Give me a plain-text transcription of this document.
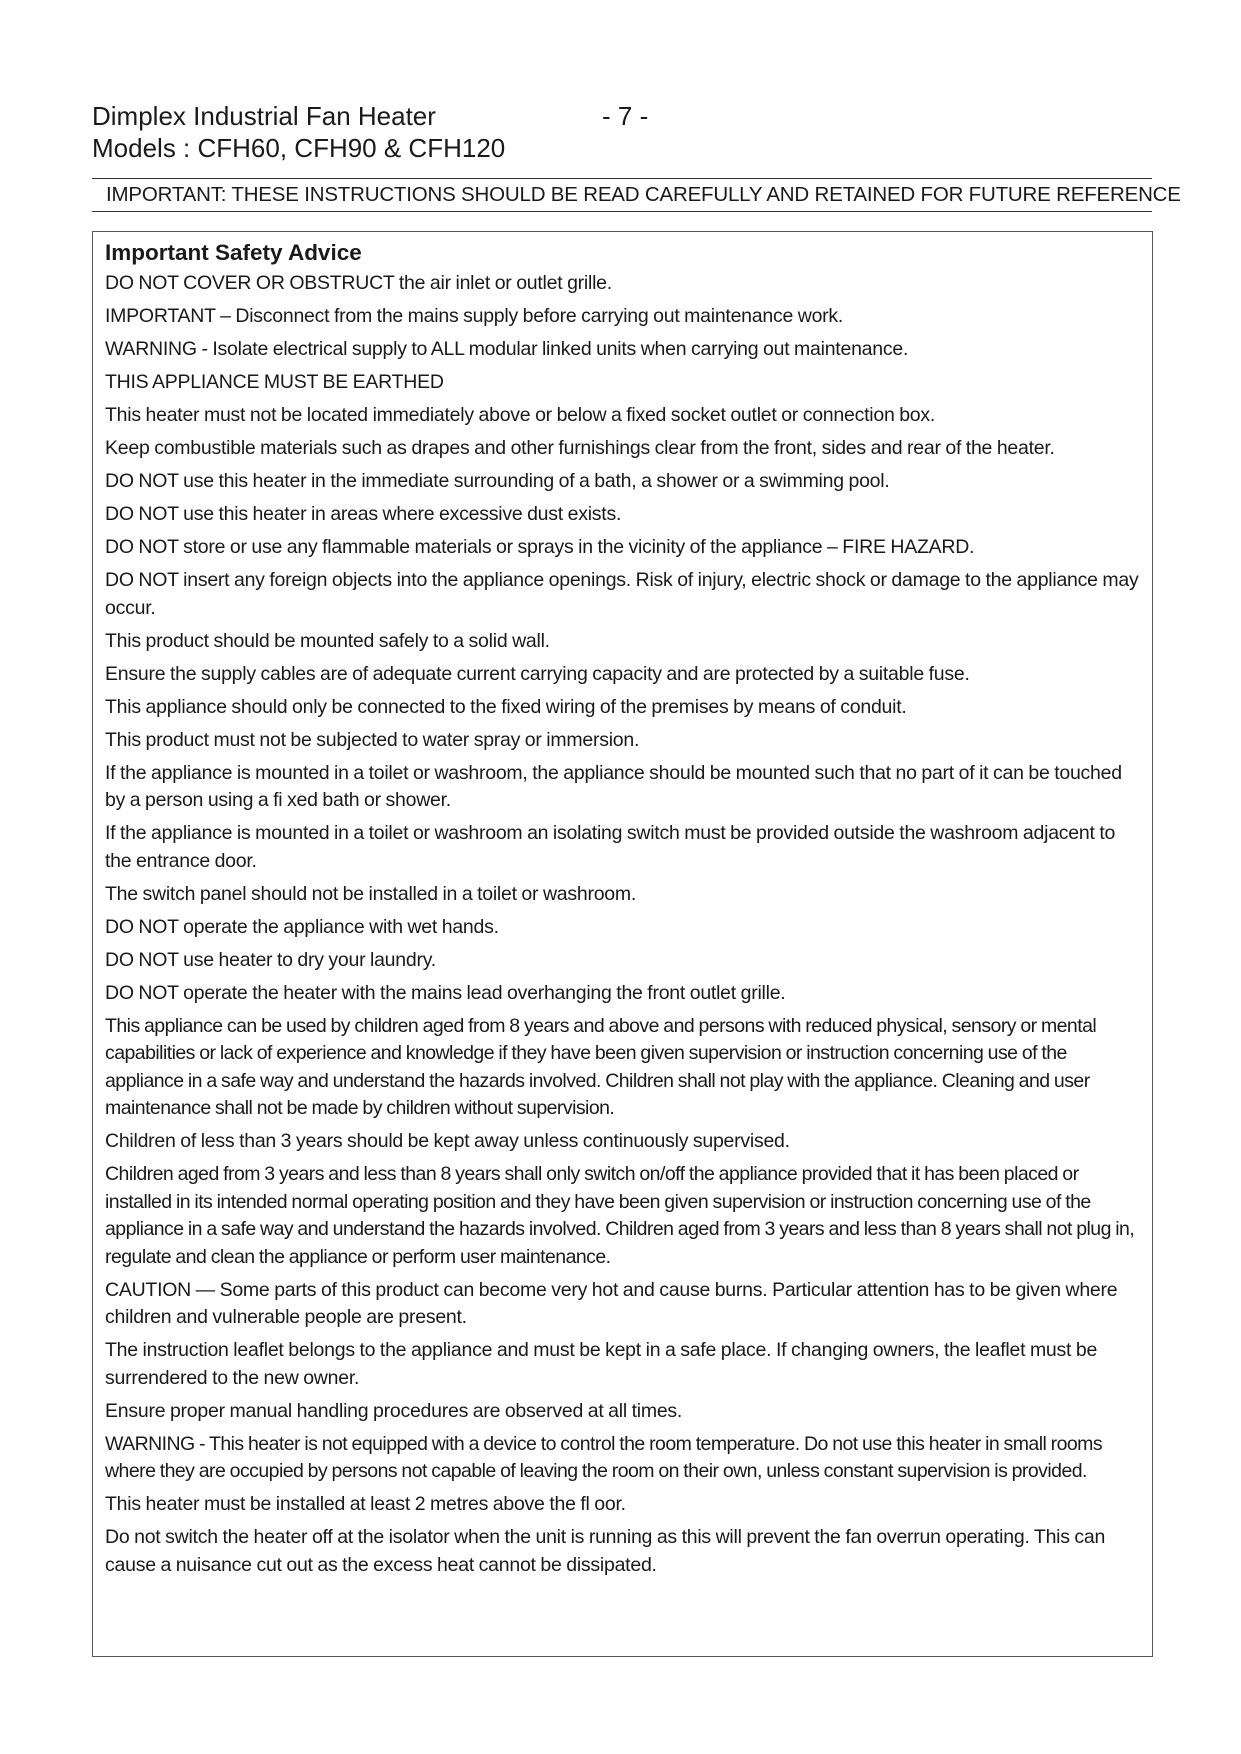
Dimplex Industrial Fan Heater
Models : CFH60, CFH90 & CFH120
- 7 -
IMPORTANT: THESE INSTRUCTIONS SHOULD BE READ CAREFULLY AND RETAINED FOR FUTURE REFERENCE
Important Safety Advice
DO NOT COVER OR OBSTRUCT the air inlet or outlet grille.
IMPORTANT – Disconnect from the mains supply before carrying out maintenance work.
WARNING - Isolate electrical supply to ALL modular linked units when carrying out maintenance.
THIS APPLIANCE MUST BE EARTHED
This heater must not be located immediately above or below a fixed socket outlet or connection box.
Keep combustible materials such as drapes and other furnishings clear from the front, sides and rear of the heater.
DO NOT use this heater in the immediate surrounding of a bath, a shower or a swimming pool.
DO NOT use this heater in areas where excessive dust exists.
DO NOT store or use any flammable materials or sprays in the vicinity of the appliance – FIRE HAZARD.
DO NOT insert any foreign objects into the appliance openings. Risk of injury, electric shock or damage to the appliance may occur.
This product should be mounted safely to a solid wall.
Ensure the supply cables are of adequate current carrying capacity and are protected by a suitable fuse.
This appliance should only be connected to the fixed wiring of the premises by means of conduit.
This product must not be subjected to water spray or immersion.
If the appliance is mounted in a toilet or washroom, the appliance should be mounted such that no part of it can be touched by a person using a fi xed bath or shower.
If the appliance is mounted in a toilet or washroom an isolating switch must be provided outside the washroom adjacent to the entrance door.
The switch panel should not be installed in a toilet or washroom.
DO NOT operate the appliance with wet hands.
DO NOT use heater to dry your laundry.
DO NOT operate the heater with the mains lead overhanging the front outlet grille.
This appliance can be used by children aged from 8 years and above and persons with reduced physical, sensory or mental capabilities or lack of experience and knowledge if they have been given supervision or instruction concerning use of the appliance in a safe way and understand the hazards involved. Children shall not play with the appliance. Cleaning and user maintenance shall not be made by children without supervision.
Children of less than 3 years should be kept away unless continuously supervised.
Children aged from 3 years and less than 8 years shall only switch on/off the appliance provided that it has been placed or installed in its intended normal operating position and they have been given supervision or instruction concerning use of the appliance in a safe way and understand the hazards involved. Children aged from 3 years and less than 8 years shall not plug in, regulate and clean the appliance or perform user maintenance.
CAUTION — Some parts of this product can become very hot and cause burns. Particular attention has to be given where children and vulnerable people are present.
The instruction leaflet belongs to the appliance and must be kept in a safe place. If changing owners, the leaflet must be surrendered to the new owner.
Ensure proper manual handling procedures are observed at all times.
WARNING - This heater is not equipped with a device to control the room temperature. Do not use this heater in small rooms where they are occupied by persons not capable of leaving the room on their own, unless constant supervision is provided.
This heater must be installed at least 2 metres above the fl oor.
Do not switch the heater off at the isolator when the unit is running as this will prevent the fan overrun operating. This can cause a nuisance cut out as the excess heat cannot be dissipated.
